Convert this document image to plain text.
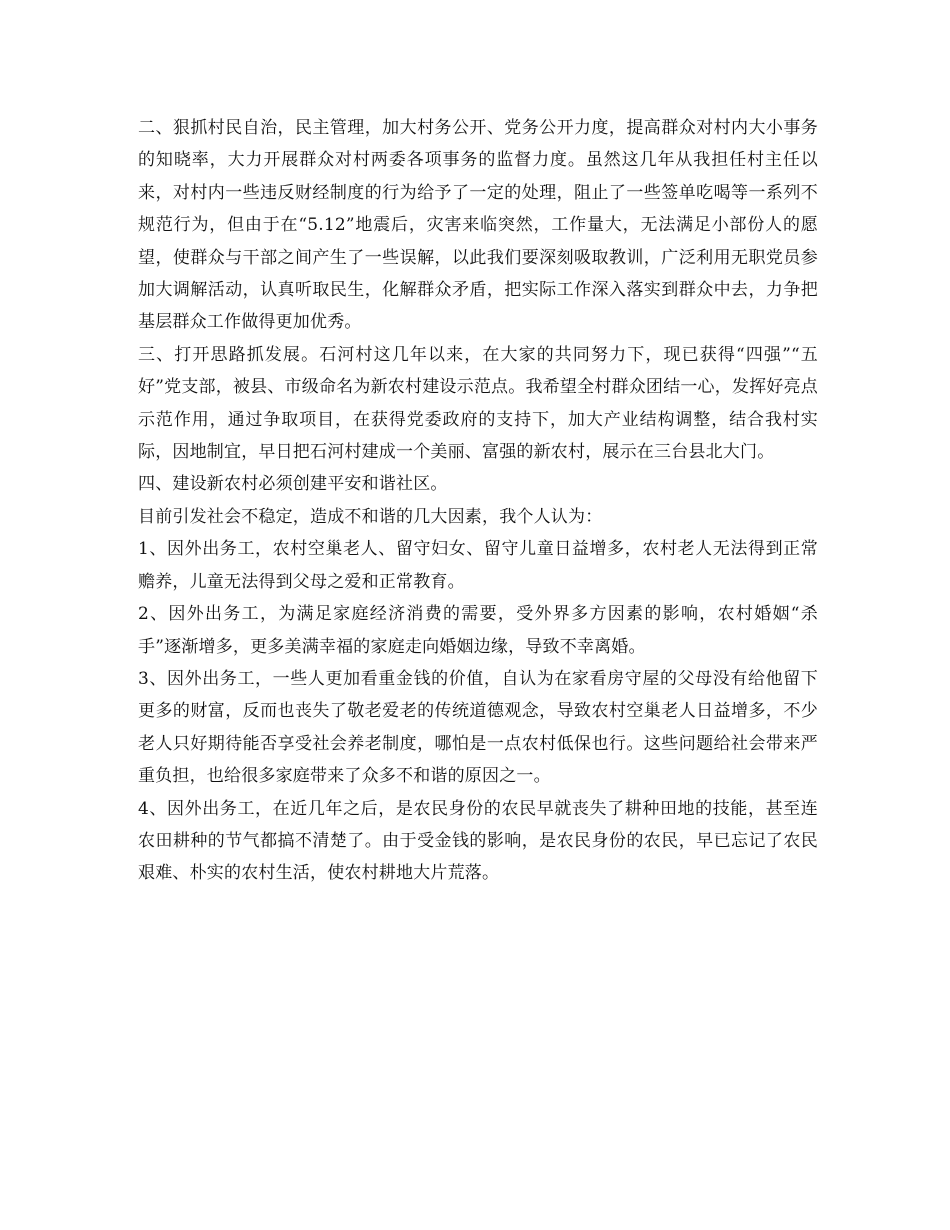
二、狠抓村民自治，民主管理，加大村务公开、党务公开力度，提高群众对村内大小事务的知晓率，大力开展群众对村两委各项事务的监督力度。虽然这几年从我担任村主任以来，对村内一些违反财经制度的行为给予了一定的处理，阻止了一些签单吃喝等一系列不规范行为，但由于在“5.12”地震后，灾害来临突然，工作量大，无法满足小部份人的愿望，使群众与干部之间产生了一些误解，以此我们要深刻吸取教训，广泛利用无职党员参加大调解活动，认真听取民生，化解群众矛盾，把实际工作深入落实到群众中去，力争把基层群众工作做得更加优秀。

三、打开思路抓发展。石河村这几年以来，在大家的共同努力下，现已获得“四强”“五好”党支部，被县、市级命名为新农村建设示范点。我希望全村群众团结一心，发挥好亮点示范作用，通过争取项目，在获得党委政府的支持下，加大产业结构调整，结合我村实际，因地制宜，早日把石河村建成一个美丽、富强的新农村，展示在三台县北大门。

四、建设新农村必须创建平安和谐社区。

目前引发社会不稳定，造成不和谐的几大因素，我个人认为：

1、因外出务工，农村空巢老人、留守妇女、留守儿童日益增多，农村老人无法得到正常赡养，儿童无法得到父母之爱和正常教育。

2、因外出务工，为满足家庭经济消费的需要，受外界多方因素的影响，农村婚姻“杀手”逐渐增多，更多美满幸福的家庭走向婚姻边缘，导致不幸离婚。

3、因外出务工，一些人更加看重金钱的价值，自认为在家看房守屋的父母没有给他留下更多的财富，反而也丧失了敬老爱老的传统道德观念，导致农村空巢老人日益增多，不少老人只好期待能否享受社会养老制度，哪怕是一点农村低保也行。这些问题给社会带来严重负担，也给很多家庭带来了众多不和谐的原因之一。

4、因外出务工，在近几年之后，是农民身份的农民早就丧失了耕种田地的技能，甚至连农田耕种的节气都搞不清楚了。由于受金钱的影响，是农民身份的农民，早已忘记了农民艰难、朴实的农村生活，使农村耕地大片荒落。
